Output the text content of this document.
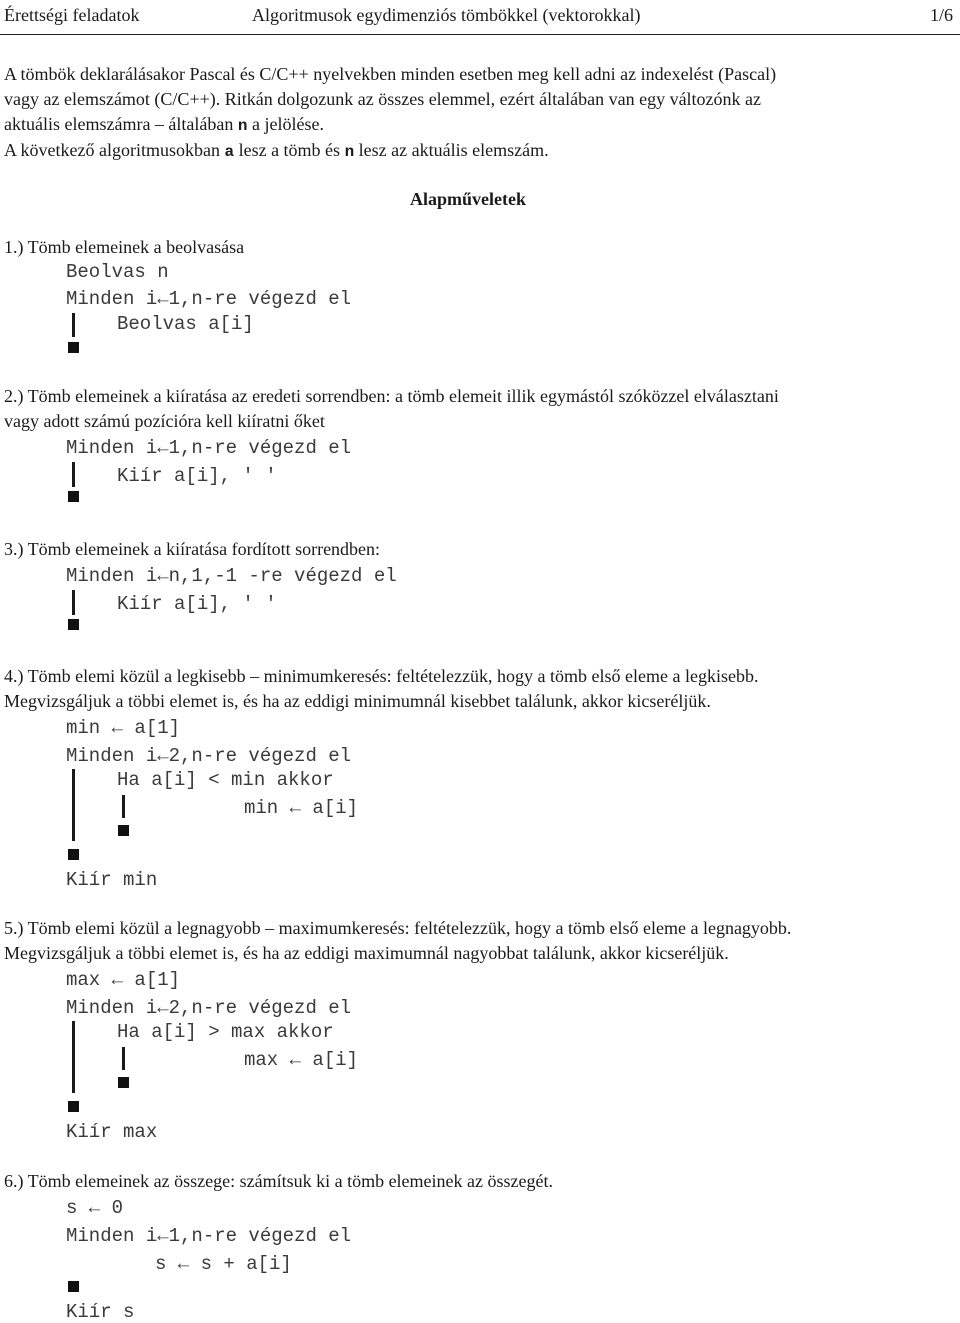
Érettségi feladatok	Algoritmusok egydimenziós tömbökkel (vektorokkal)	1/6
A tömbök deklarálásakor Pascal és C/C++ nyelvekben minden esetben meg kell adni az indexelést (Pascal)
vagy az elemszámot (C/C++). Ritkán dolgozunk az összes elemmel, ezért általában van egy változónk az
aktuális elemszámra – általában n a jelölése.
A következő algoritmusokban a lesz a tömb és n lesz az aktuális elemszám.
Alapműveletek
1.) Tömb elemeinek a beolvasása
Beolvas n
Minden i←1,n-re végezd el
Beolvas a[i]
2.) Tömb elemeinek a kiíratása az eredeti sorrendben: a tömb elemeit illik egymástól szóközzel elválasztani
vagy adott számú pozícióra kell kiíratni őket
Minden i←1,n-re végezd el
Kiír a[i], ′ ′
3.) Tömb elemeinek a kiíratása fordított sorrendben:
Minden i←n,1,-1 -re végezd el
Kiír a[i], ′ ′
4.) Tömb elemi közül a legkisebb – minimumkeresés: feltételezzük, hogy a tömb első eleme a legkisebb.
Megvizsgáljuk a többi elemet is, és ha az eddigi minimumnál kisebbet találunk, akkor kicseréljük.
min ← a[1]
Minden i←2,n-re végezd el
Ha a[i] < min akkor
min ← a[i]
Kiír min
5.) Tömb elemi közül a legnagyobb – maximumkeresés: feltételezzük, hogy a tömb első eleme a legnagyobb.
Megvizsgáljuk a többi elemet is, és ha az eddigi maximumnál nagyobbat találunk, akkor kicseréljük.
max ← a[1]
Minden i←2,n-re végezd el
Ha a[i] > max akkor
max ← a[i]
Kiír max
6.) Tömb elemeinek az összege: számítsuk ki a tömb elemeinek az összegét.
s ← 0
Minden i←1,n-re végezd el
s ← s + a[i]
Kiír s
